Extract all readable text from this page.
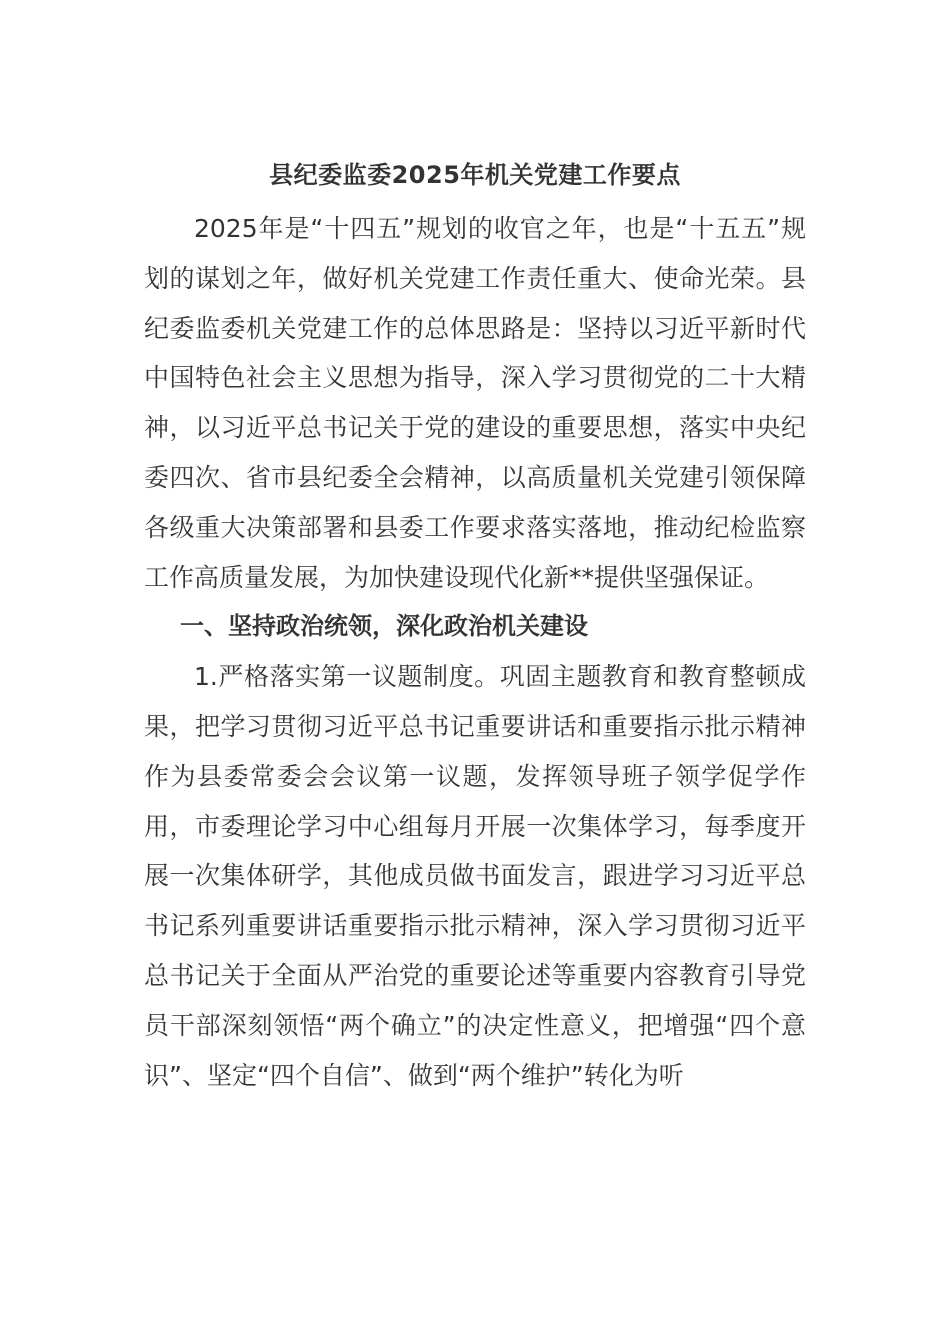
县纪委监委2025年机关党建工作要点

2025年是“十四五”规划的收官之年，也是“十五五”规划的谋划之年，做好机关党建工作责任重大、使命光荣。县纪委监委机关党建工作的总体思路是：坚持以习近平新时代中国特色社会主义思想为指导，深入学习贯彻党的二十大精神，以习近平总书记关于党的建设的重要思想，落实中央纪委四次、省市县纪委全会精神，以高质量机关党建引领保障各级重大决策部署和县委工作要求落实落地，推动纪检监察工作高质量发展，为加快建设现代化新**提供坚强保证。

一、坚持政治统领，深化政治机关建设

1.严格落实第一议题制度。巩固主题教育和教育整顿成果，把学习贯彻习近平总书记重要讲话和重要指示批示精神作为县委常委会会议第一议题，发挥领导班子领学促学作用，市委理论学习中心组每月开展一次集体学习，每季度开展一次集体研学，其他成员做书面发言，跟进学习习近平总书记系列重要讲话重要指示批示精神，深入学习贯彻习近平总书记关于全面从严治党的重要论述等重要内容教育引导党员干部深刻领悟“两个确立”的决定性意义，把增强“四个意识”、坚定“四个自信”、做到“两个维护”转化为听
